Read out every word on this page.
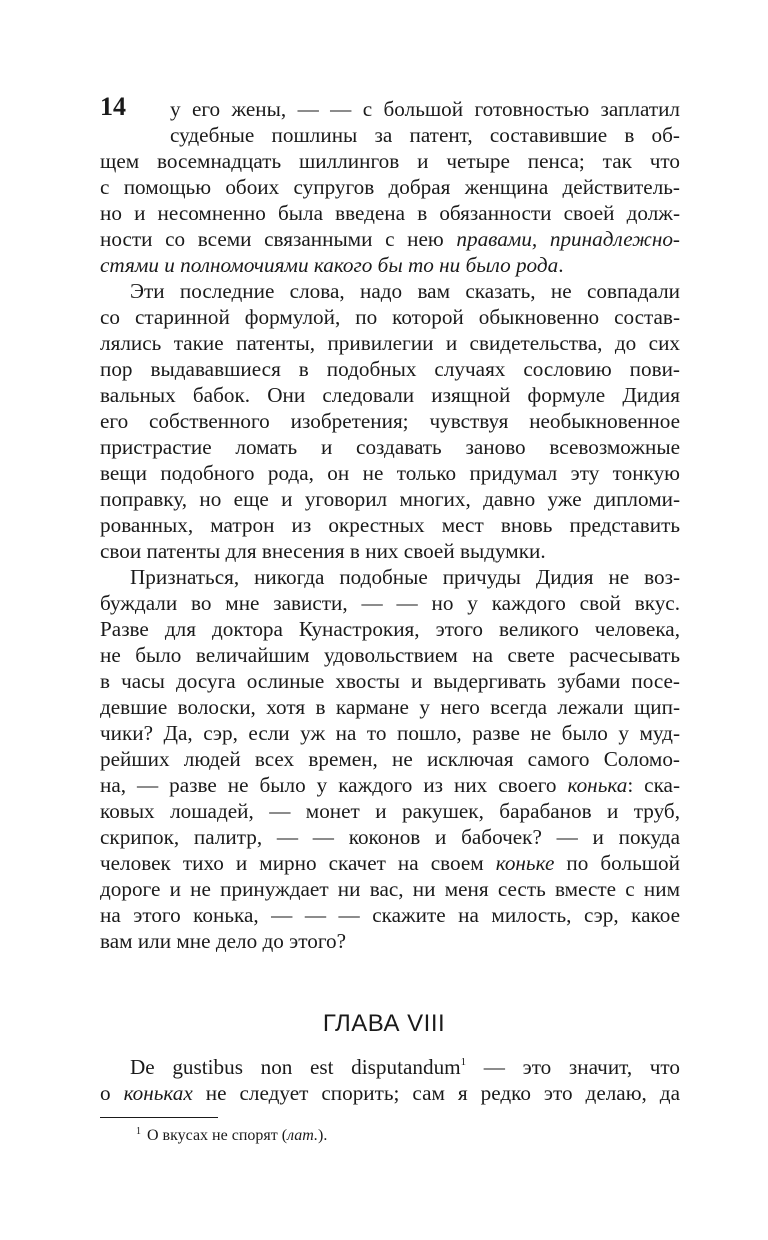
14 у его жены, — — с большой готовностью заплатил
судебные пошлины за патент, составившие в об-
щем восемнадцать шиллингов и четыре пенса; так что
с помощью обоих супругов добрая женщина действитель-
но и несомненно была введена в обязанности своей долж-
ности со всеми связанными с нею правами, принадлежно-
стями и полномочиями какого бы то ни было рода.
Эти последние слова, надо вам сказать, не совпадали
со старинной формулой, по которой обыкновенно состав-
лялись такие патенты, привилегии и свидетельства, до сих
пор выдававшиеся в подобных случаях сословию пови-
вальных бабок. Они следовали изящной формуле Дидия
его собственного изобретения; чувствуя необыкновенное
пристрастие ломать и создавать заново всевозможные
вещи подобного рода, он не только придумал эту тонкую
поправку, но еще и уговорил многих, давно уже дипломи-
рованных, матрон из окрестных мест вновь представить
свои патенты для внесения в них своей выдумки.
Признаться, никогда подобные причуды Дидия не воз-
буждали во мне зависти, — — но у каждого свой вкус.
Разве для доктора Кунастрокия, этого великого человека,
не было величайшим удовольствием на свете расчесывать
в часы досуга ослиные хвосты и выдергивать зубами посе-
девшие волоски, хотя в кармане у него всегда лежали щип-
чики? Да, сэр, если уж на то пошло, разве не было у муд-
рейших людей всех времен, не исключая самого Соломо-
на, — разве не было у каждого из них своего конька: ска-
ковых лошадей, — монет и ракушек, барабанов и труб,
скрипок, палитр, — — коконов и бабочек? — и покуда
человек тихо и мирно скачет на своем коньке по большой
дороге и не принуждает ни вас, ни меня сесть вместе с ним
на этого конька, — — — скажите на милость, сэр, какое
вам или мне дело до этого?
ГЛАВА VIII
De gustibus non est disputandum$^1$ — это значит, что
о коньках не следует спорить; сам я редко это делаю, да

$^1$ О вкусах не спорят (лат.).
